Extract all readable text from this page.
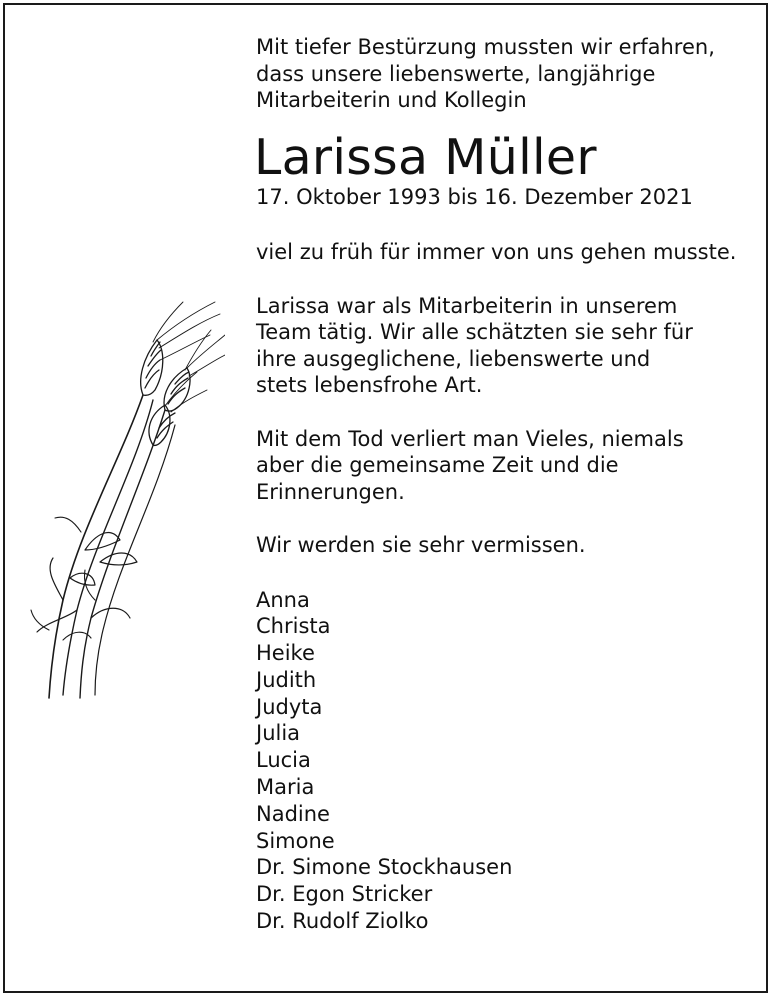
Mit tiefer Bestürzung mussten wir erfahren,
dass unsere liebenswerte, langjährige
Mitarbeiterin und Kollegin
Larissa Müller
17. Oktober 1993 bis 16. Dezember 2021
viel zu früh für immer von uns gehen musste.
Larissa war als Mitarbeiterin in unserem
Team tätig. Wir alle schätzten sie sehr für
ihre ausgeglichene, liebenswerte und
stets lebensfrohe Art.
Mit dem Tod verliert man Vieles, niemals
aber die gemeinsame Zeit und die
Erinnerungen.
Wir werden sie sehr vermissen.
Anna
Christa
Heike
Judith
Judyta
Julia
Lucia
Maria
Nadine
Simone
Dr. Simone Stockhausen
Dr. Egon Stricker
Dr. Rudolf Ziolko
